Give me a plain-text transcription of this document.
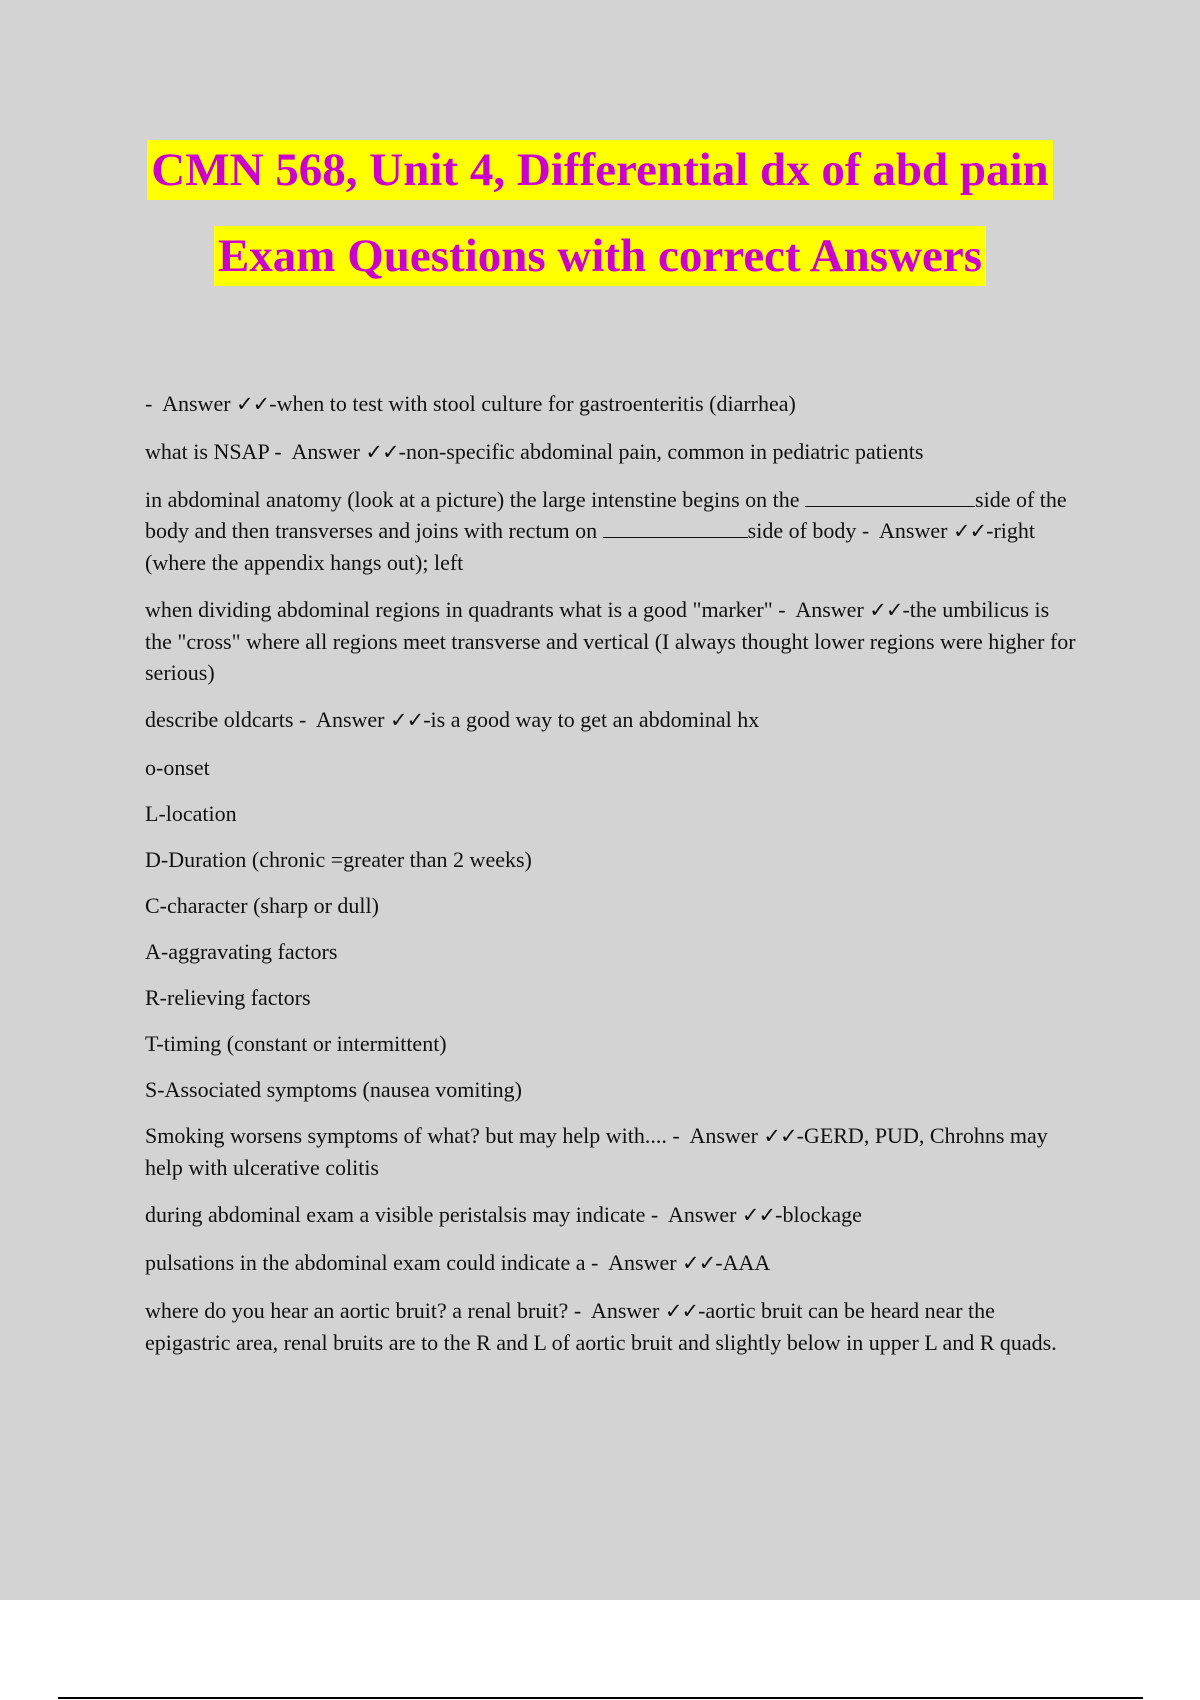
CMN 568, Unit 4, Differential dx of abd pain
Exam Questions with correct Answers

-  Answer ✓✓-when to test with stool culture for gastroenteritis (diarrhea)

what is NSAP -  Answer ✓✓-non-specific abdominal pain, common in pediatric patients

in abdominal anatomy (look at a picture) the large intenstine begins on the	side of the body and then transverses and joins with rectum on	side of body -  Answer ✓✓-right (where the appendix hangs out); left

when dividing abdominal regions in quadrants what is a good "marker" -  Answer ✓✓-the umbilicus is the "cross" where all regions meet transverse and vertical (I always thought lower regions were higher for serious)

describe oldcarts -  Answer ✓✓-is a good way to get an abdominal hx

o-onset

L-location

D-Duration (chronic =greater than 2 weeks)

C-character (sharp or dull)

A-aggravating factors

R-relieving factors

T-timing (constant or intermittent)

S-Associated symptoms (nausea vomiting)

Smoking worsens symptoms of what? but may help with.... -  Answer ✓✓-GERD, PUD, Chrohns may help with ulcerative colitis

during abdominal exam a visible peristalsis may indicate -  Answer ✓✓-blockage

pulsations in the abdominal exam could indicate a -  Answer ✓✓-AAA

where do you hear an aortic bruit? a renal bruit? -  Answer ✓✓-aortic bruit can be heard near the epigastric area, renal bruits are to the R and L of aortic bruit and slightly below in upper L and R quads.
